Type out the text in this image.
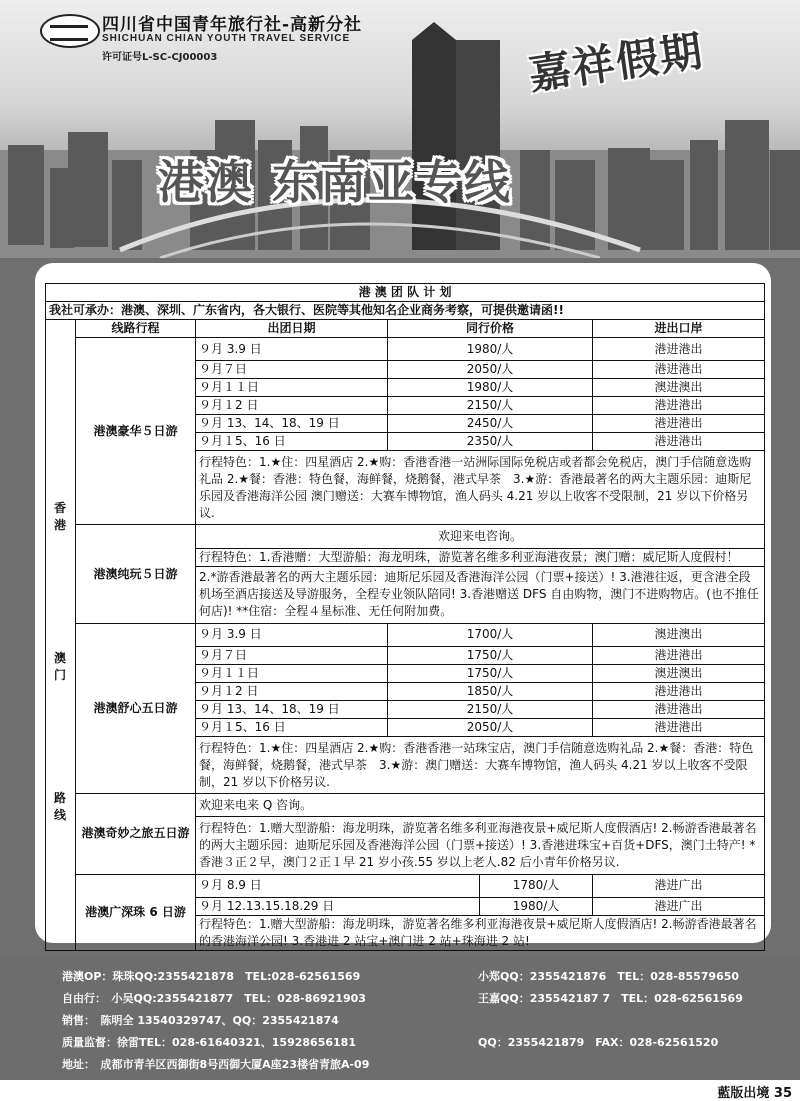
四川省中国青年旅行社-高新分社
SHICHUAN CHIAN YOUTH TRAVEL SERVICE
许可证号L-SC-CJ00003	嘉祥假期
港澳 东南亚专线
港 澳 团 队 计 划					
我社可承办：港澳、深圳、广东省内，各大银行、医院等其他知名企业商务考察，可提供邀请函!!					

香港
澳门
路线	线路行程	出团日期	同行价格		进出口岸
	港澳豪华５日游	９月 3.9 日	1980/人		港进港出
		９月７日	2050/人		港进港出
		９月１１日	1980/人		澳进澳出
		９月１2 日	2150/人		港进港出
		９月 13、14、18、19 日	2450/人		港进港出
		９月１5、16 日	2350/人		港进港出
		行程特色：1.★住：四星酒店 2.★购：香港香港一站洲际国际免税店或者都会免税店，澳门手信随意选购礼品 2.★餐：香港：特色餐，海鲜餐，烧鹅餐，港式早茶　3.★游：香港最著名的两大主题乐园：迪斯尼乐园及香港海洋公园 澳门赠送：大赛车博物馆，渔人码头 4.21 岁以上收客不受限制，21 岁以下价格另议.			

	港澳纯玩５日游	欢迎来电咨询。			
		行程特色：1.香港赠：大型游船：海龙明珠，游览著名维多利亚海港夜景；澳门赠：威尼斯人度假村！			
		2.*游香港最著名的两大主题乐园：迪斯尼乐园及香港海洋公园（门票+接送）! 3.港港往返，更含港全段机场至酒店接送及导游服务，全程专业领队陪同! 3.香港赠送 DFS 自由购物，澳门不进购物店。(也不推任何店)! **住宿：全程４星标准、无任何附加费。			

	港澳舒心五日游	９月 3.9 日	1700/人		澳进澳出
		９月７日	1750/人		港进港出
		９月１１日	1750/人		澳进澳出
		９月１2 日	1850/人		港进港出
		９月 13、14、18、19 日	2150/人		港进港出
		９月１5、16 日	2050/人		港进港出
		行程特色：1.★住：四星酒店 2.★购：香港香港一站珠宝店，澳门手信随意选购礼品 2.★餐：香港：特色餐，海鲜餐，烧鹅餐，港式早茶　3.★游：澳门赠送：大赛车博物馆，渔人码头 4.21 岁以上收客不受限制，21 岁以下价格另议.			

	港澳奇妙之旅五日游	欢迎来电来 Q 咨询。			
		行程特色：1.赠大型游船：海龙明珠，游览著名维多利亚海港夜景+威尼斯人度假酒店! 2.畅游香港最著名的两大主题乐园：迪斯尼乐园及香港海洋公园（门票+接送）! 3.香港进珠宝+百货+DFS，澳门土特产! *香港３正２早，澳门２正１早 21 岁小孩.55 岁以上老人.82 后小青年价格另议.			

	港澳广深珠 6 日游	９月 8.9 日		1780/人	港进广出
		９月 12.13.15.18.29 日		1980/人	港进广出
		行程特色：1.赠大型游船：海龙明珠，游览著名维多利亚海港夜景+威尼斯人度假酒店! 2.畅游香港最著名的香港海洋公园! 3.香港进 2 站宝+澳门进 2 站+珠海进 2 站!			

港澳OP：珠珠QQ:2355421878　TEL:028-62561569	小郑QQ：2355421876　TEL：028-85579650
自由行：　小吴QQ:2355421877　TEL：028-86921903	王嘉QQ：235542187 7　TEL：028-62561569
销售：　陈明全 13540329747、QQ：2355421874
质量监督：徐雷TEL：028-61640321、15928656181	QQ：2355421879　FAX：028-62561520
地址：　成都市青羊区西御街8号西御大厦A座23楼省青旅A-09
藍版出境 35
